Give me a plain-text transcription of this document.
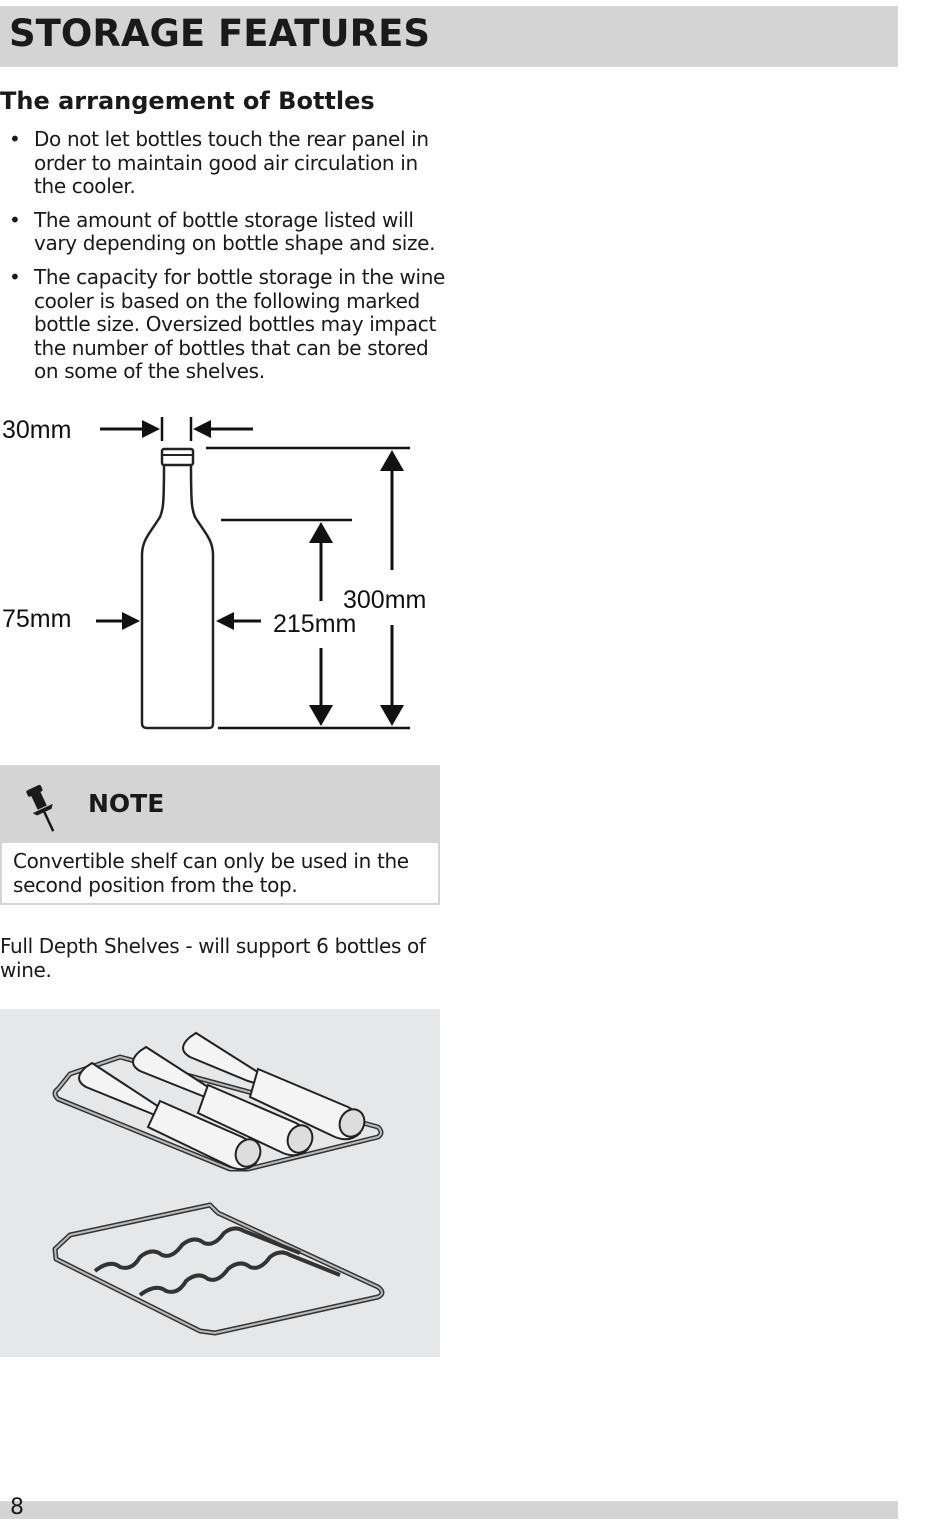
STORAGE FEATURES
The arrangement of Bottles
• Do not let bottles touch the rear panel in order to maintain good air circulation in the cooler.
• The amount of bottle storage listed will vary depending on bottle shape and size.
• The capacity for bottle storage in the wine cooler is based on the following marked bottle size. Oversized bottles may impact the number of bottles that can be stored on some of the shelves.
30mm
75mm
300mm
215mm
NOTE
Convertible shelf can only be used in the second position from the top.

Full Depth Shelves - will support 6 bottles of wine.

8
